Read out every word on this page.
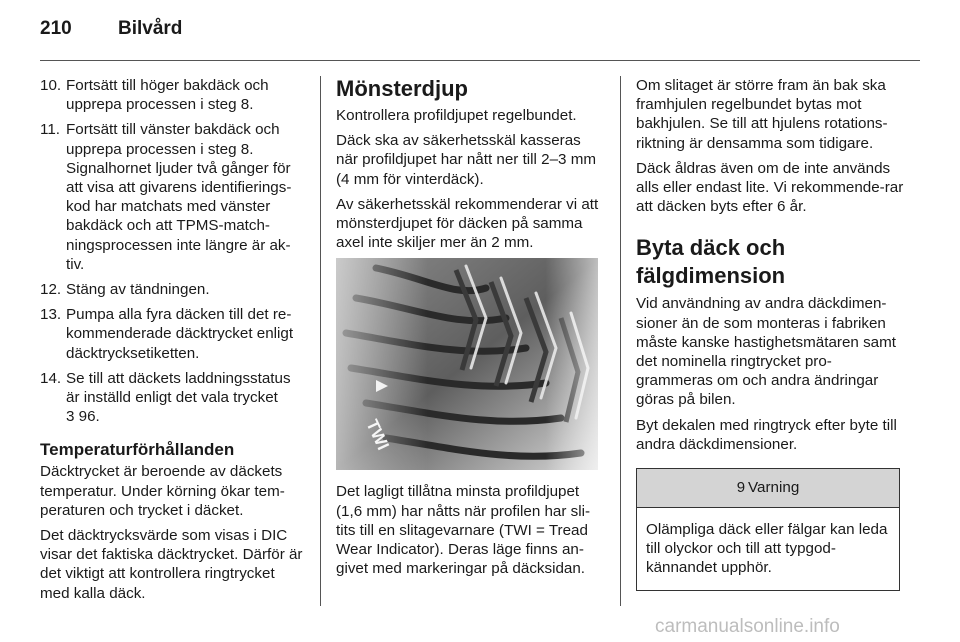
210 Bilvård
10. Fortsätt till höger bakdäck och upprepa processen i steg 8.
11. Fortsätt till vänster bakdäck och upprepa processen i steg 8. Signalhornet ljuder två gånger för att visa att givarens identifierings-kod har matchats med vänster bakdäck och att TPMS-match-ningsprocessen inte längre är ak-tiv.
12. Stäng av tändningen.
13. Pumpa alla fyra däcken till det re-kommenderade däcktrycket enligt däcktrycksetiketten.
14. Se till att däckets laddningsstatus är inställd enligt det vala trycket
3 96.
Temperaturförhållanden

Däcktrycket är beroende av däckets temperatur. Under körning ökar tem-peraturen och trycket i däcket.

Det däcktrycksvärde som visas i DIC visar det faktiska däcktrycket. Därför är det viktigt att kontrollera ringtrycket med kalla däck.

Mönsterdjup

Kontrollera profildjupet regelbundet.

Däck ska av säkerhetsskäl kasseras när profildjupet har nått ner till 2–3 mm (4 mm för vinterdäck).

Av säkerhetsskäl rekommenderar vi att mönsterdjupet för däcken på samma axel inte skiljer mer än 2 mm.

Det lagligt tillåtna minsta profildjupet (1,6 mm) har nåtts när profilen har sli-tits till en slitagevarnare (TWI = Tread Wear Indicator). Deras läge finns an-givet med markeringar på däcksidan.

Om slitaget är större fram än bak ska framhjulen regelbundet bytas mot bakhjulen. Se till att hjulens rotations-riktning är densamma som tidigare.

Däck åldras även om de inte används alls eller endast lite. Vi rekommende-rar att däcken byts efter 6 år.

Byta däck och fälgdimension

Vid användning av andra däckdimen-sioner än de som monteras i fabriken måste kanske hastighetsmätaren samt det nominella ringtrycket pro-grammeras om och andra ändringar göras på bilen.

Byt dekalen med ringtryck efter byte till andra däckdimensioner.

9 Varning
Olämpliga däck eller fälgar kan leda till olyckor och till att typgod-kännandet upphör.
carmanualsonline.info
